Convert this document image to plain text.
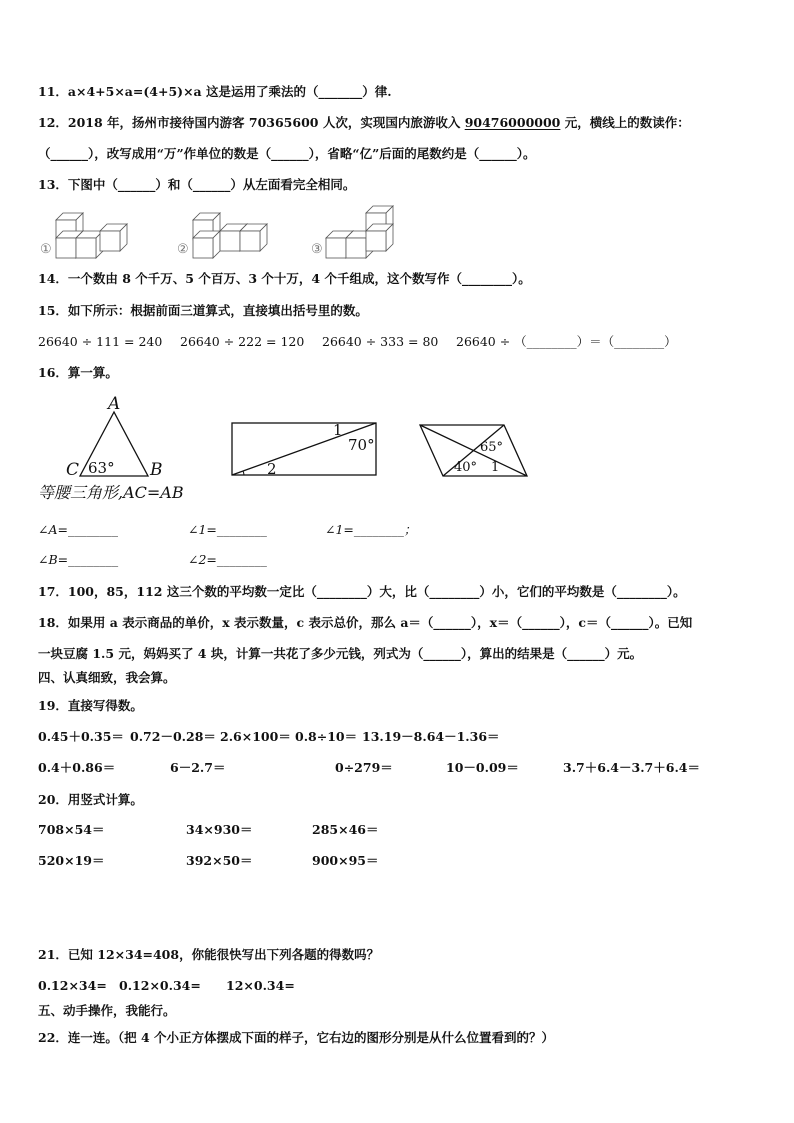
11．a×4+5×a=(4+5)×a 这是运用了乘法的（_______）律.
12．2018 年，扬州市接待国内游客 70365600 人次，实现国内旅游收入 90476000000 元，横线上的数读作：
（______），改写成用“万”作单位的数是（______），省略“亿”后面的尾数约是（______）。
13．下图中（______）和（______）从左面看完全相同。
①	②	③
14．一个数由 8 个千万、5 个百万、3 个十万，4 个千组成，这个数写作（________）。
15．如下所示：根据前面三道算式，直接填出括号里的数。
26640 ÷ 111 = 240 26640 ÷ 222 = 120 26640 ÷ 333 = 80 26640 ÷ （________）＝（________）
16．算一算。
A
C	B
63°
等腰三角形,AC=AB
1
70°
2
65°
40° 1
∠A=________	∠1=________	∠1=________；
∠B=________	∠2=________
17．100，85，112 这三个数的平均数一定比（________）大，比（________）小，它们的平均数是（________）。
18．如果用 a 表示商品的单价，x 表示数量，c 表示总价，那么 a＝（______），x＝（______），c＝（______）。已知
一块豆腐 1.5 元，妈妈买了 4 块，计算一共花了多少元钱，列式为（______），算出的结果是（______）元。
四、认真细致，我会算。
19．直接写得数。
0.45＋0.35＝ 0.72－0.28＝ 2.6×100＝ 0.8÷10＝ 13.19－8.64－1.36＝
0.4＋0.86＝	6－2.7＝	0÷279＝	10－0.09＝	3.7＋6.4－3.7＋6.4＝
20．用竖式计算。
708×54＝	34×930＝	285×46＝
520×19＝	392×50＝	900×95＝
21．已知 12×34=408，你能很快写出下列各题的得数吗？
0.12×34= 0.12×0.34= 12×0.34=
五、动手操作，我能行。
22．连一连。（把 4 个小正方体摆成下面的样子，它右边的图形分别是从什么位置看到的？）
